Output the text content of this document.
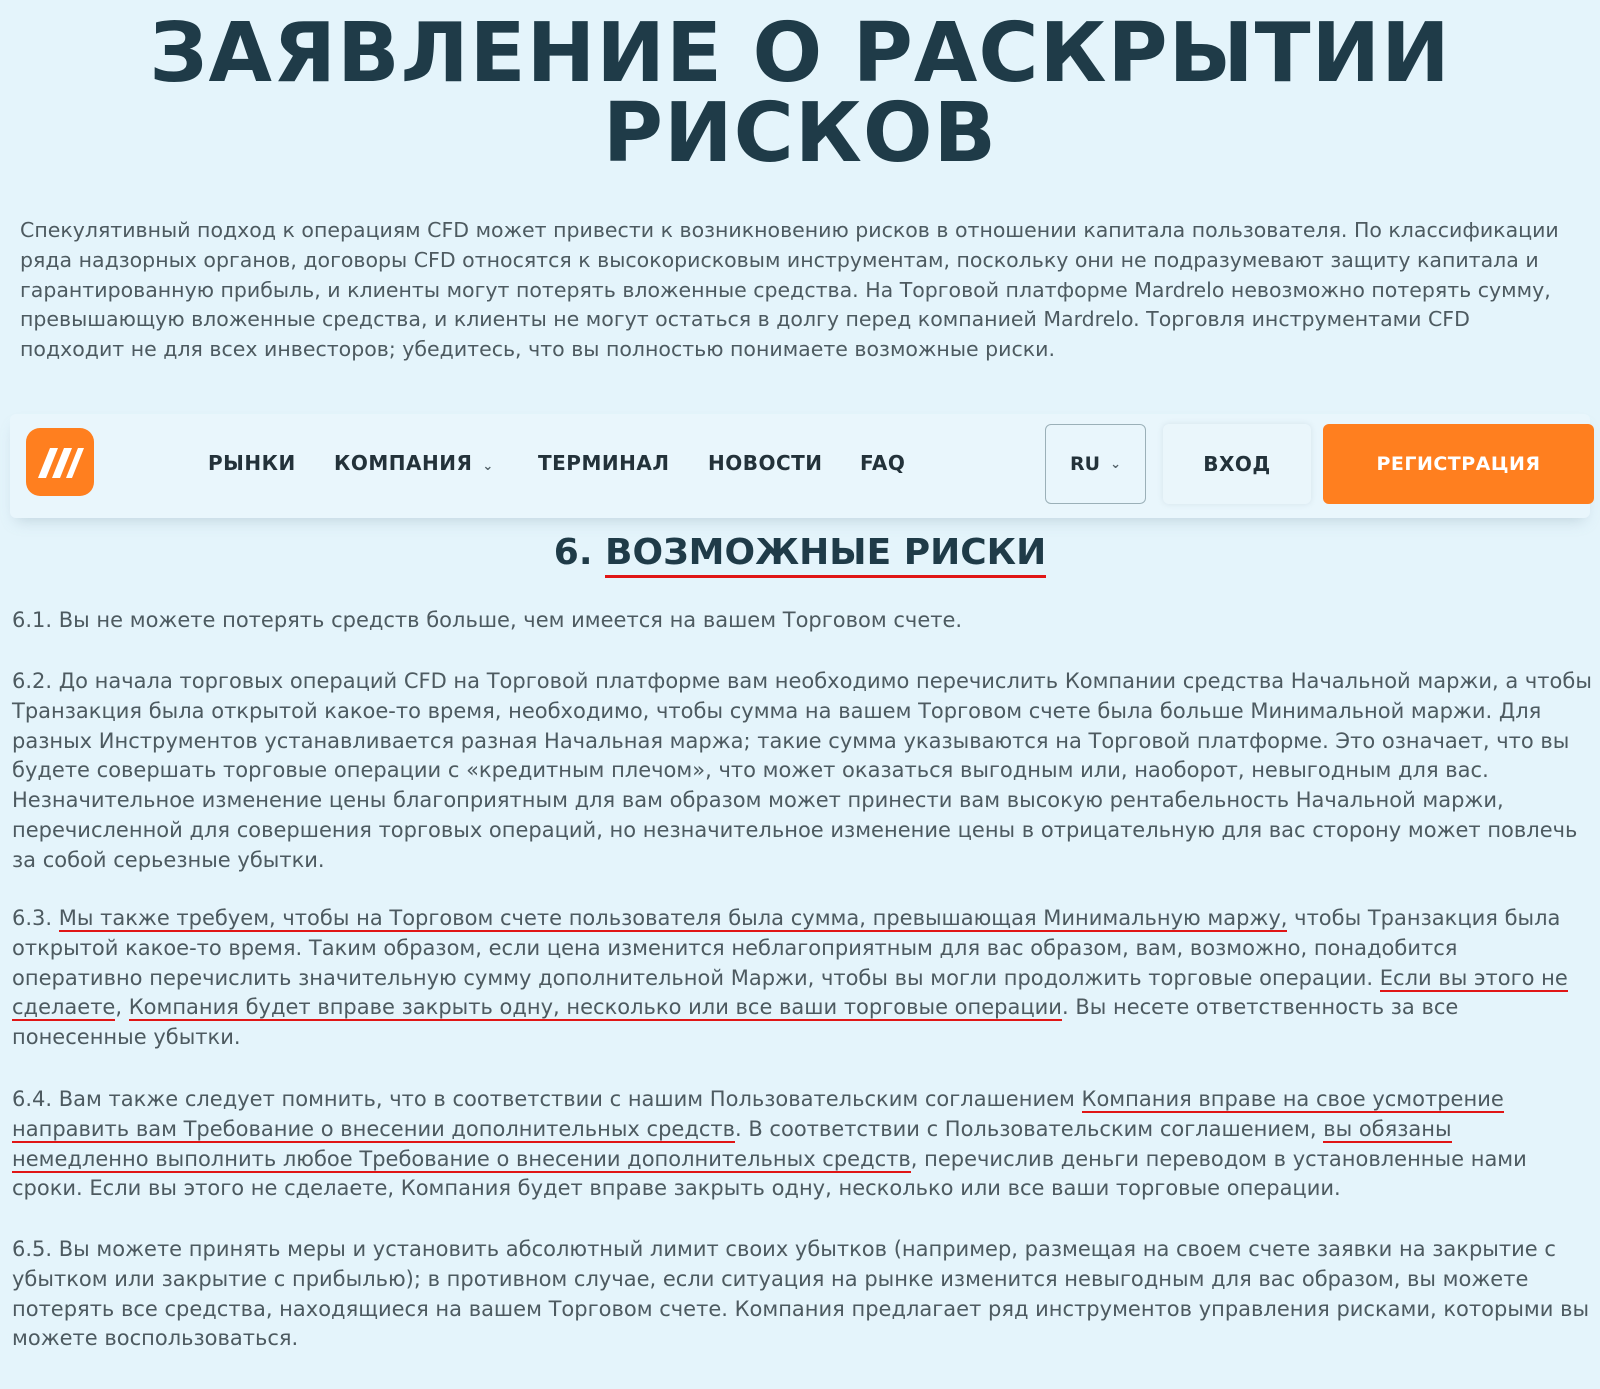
ЗАЯВЛЕНИЕ О РАСКРЫТИИ РИСКОВ

Спекулятивный подход к операциям CFD может привести к возникновению рисков в отношении капитала пользователя. По классификации ряда надзорных органов, договоры CFD относятся к высокорисковым инструментам, поскольку они не подразумевают защиту капитала и гарантированную прибыль, и клиенты могут потерять вложенные средства. На Торговой платформе Mardrelo невозможно потерять сумму, превышающую вложенные средства, и клиенты не могут остаться в долгу перед компанией Mardrelo. Торговля инструментами CFD подходит не для всех инвесторов; убедитесь, что вы полностью понимаете возможные риски.

РЫНКИ КОМПАНИЯ ⌄ ТЕРМИНАЛ НОВОСТИ FAQ	RU ⌄	ВХОД	РЕГИСТРАЦИЯ
6. ВОЗМОЖНЫЕ РИСКИ

6.1. Вы не можете потерять средств больше, чем имеется на вашем Торговом счете.

6.2. До начала торговых операций CFD на Торговой платформе вам необходимо перечислить Компании средства Начальной маржи, а чтобы Транзакция была открытой какое-то время, необходимо, чтобы сумма на вашем Торговом счете была больше Минимальной маржи. Для разных Инструментов устанавливается разная Начальная маржа; такие сумма указываются на Торговой платформе. Это означает, что вы будете совершать торговые операции с «кредитным плечом», что может оказаться выгодным или, наоборот, невыгодным для вас. Незначительное изменение цены благоприятным для вам образом может принести вам высокую рентабельность Начальной маржи, перечисленной для совершения торговых операций, но незначительное изменение цены в отрицательную для вас сторону может повлечь за собой серьезные убытки.

6.3. Мы также требуем, чтобы на Торговом счете пользователя была сумма, превышающая Минимальную маржу, чтобы Транзакция была открытой какое-то время. Таким образом, если цена изменится неблагоприятным для вас образом, вам, возможно, понадобится оперативно перечислить значительную сумму дополнительной Маржи, чтобы вы могли продолжить торговые операции. Если вы этого не сделаете, Компания будет вправе закрыть одну, несколько или все ваши торговые операции. Вы несете ответственность за все понесенные убытки.

6.4. Вам также следует помнить, что в соответствии с нашим Пользовательским соглашением Компания вправе на свое усмотрение направить вам Требование о внесении дополнительных средств. В соответствии с Пользовательским соглашением, вы обязаны немедленно выполнить любое Требование о внесении дополнительных средств, перечислив деньги переводом в установленные нами сроки. Если вы этого не сделаете, Компания будет вправе закрыть одну, несколько или все ваши торговые операции.

6.5. Вы можете принять меры и установить абсолютный лимит своих убытков (например, размещая на своем счете заявки на закрытие с убытком или закрытие с прибылью); в противном случае, если ситуация на рынке изменится невыгодным для вас образом, вы можете потерять все средства, находящиеся на вашем Торговом счете. Компания предлагает ряд инструментов управления рисками, которыми вы можете воспользоваться.
